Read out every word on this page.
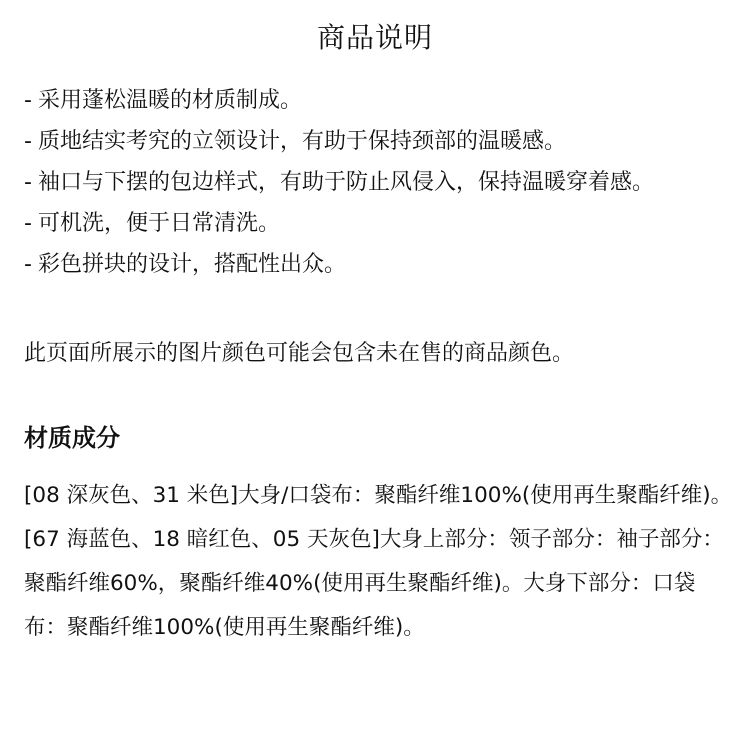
商品说明
- 采用蓬松温暖的材质制成。
- 质地结实考究的立领设计，有助于保持颈部的温暖感。
- 袖口与下摆的包边样式，有助于防止风侵入，保持温暖穿着感。
- 可机洗，便于日常清洗。
- 彩色拼块的设计，搭配性出众。
此页面所展示的图片颜色可能会包含未在售的商品颜色。
材质成分
[08 深灰色、31 米色]大身/口袋布：聚酯纤维100%(使用再生聚酯纤维)。
[67 海蓝色、18 暗红色、05 天灰色]大身上部分：领子部分：袖子部分：聚酯纤维60%，聚酯纤维40%(使用再生聚酯纤维)。大身下部分：口袋布：聚酯纤维100%(使用再生聚酯纤维)。
